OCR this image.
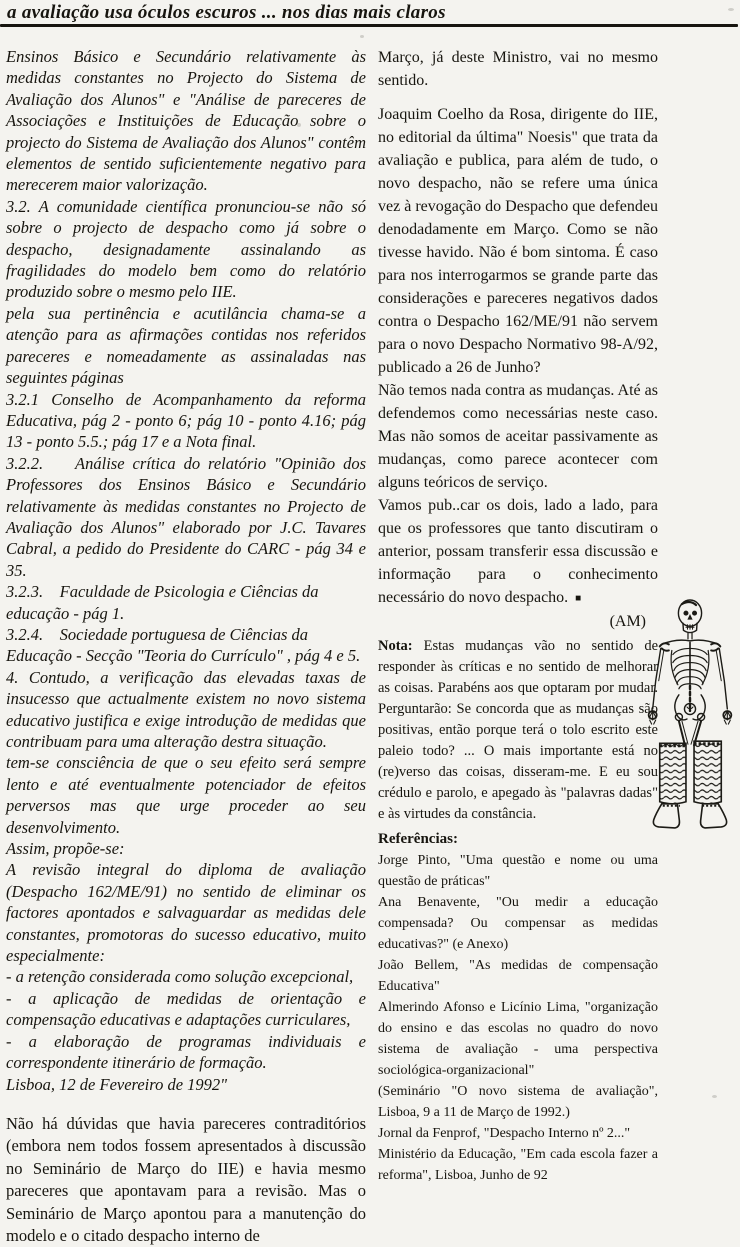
a avaliação usa óculos escuros ... nos dias mais claros

Ensinos Básico e Secundário relativamente às medidas constantes no Projecto do Sistema de Avaliação dos Alunos" e "Análise de pareceres de Associações e Instituições de Educação sobre o projecto do Sistema de Avaliação dos Alunos" contêm elementos de sentido suficientemente negativo para merecerem maior valorização.

3.2. A comunidade científica pronunciou-se não só sobre o projecto de despacho como já sobre o despacho, designadamente assinalando as fragilidades do modelo bem como do relatório produzido sobre o mesmo pelo IIE.

pela sua pertinência e acutilância chama-se a atenção para as afirmações contidas nos referidos pareceres e nomeadamente as assinaladas nas seguintes páginas

3.2.1 Conselho de Acompanhamento da reforma Educativa, pág 2 - ponto 6; pág 10 - ponto 4.16; pág 13 - ponto 5.5.; pág 17 e a Nota final.

3.2.2.    Análise crítica do relatório "Opinião dos Professores dos Ensinos Básico e Secundário relativamente às medidas constantes no Projecto de Avaliação dos Alunos" elaborado por J.C. Tavares Cabral, a pedido do Presidente do CARC - pág 34 e 35.

3.2.3.    Faculdade de Psicologia e Ciências da educação - pág 1.

3.2.4.    Sociedade portuguesa de Ciências da Educação - Secção "Teoria do Currículo" , pág 4 e 5.

4. Contudo, a verificação das elevadas taxas de insucesso que actualmente existem no novo sistema educativo justifica e exige introdução de medidas que contribuam para uma alteração destra situação.

tem-se consciência de que o seu efeito será sempre lento e até eventualmente potenciador de efeitos perversos mas que urge proceder ao seu desenvolvimento.

Assim, propõe-se:

A revisão integral do diploma de avaliação (Despacho 162/ME/91) no sentido de eliminar os factores apontados e salvaguardar as medidas dele constantes, promotoras do sucesso educativo, muito especialmente:

- a retenção considerada como solução excepcional,

- a aplicação de medidas de orientação e compensação educativas e adaptações curriculares,

- a elaboração de programas individuais e correspondente itinerário de formação.

Lisboa, 12 de Fevereiro de 1992"

Não há dúvidas que havia pareceres contraditórios (embora nem todos fossem apresentados à discussão no Seminário de Março do IIE) e havia mesmo pareceres que apontavam para a revisão. Mas o Seminário de Março apontou para a manutenção do modelo e o citado despacho interno de

Março, já deste Ministro, vai no mesmo sentido.

Joaquim Coelho da Rosa, dirigente do IIE, no editorial da última" Noesis" que trata da avaliação e publica, para além de tudo, o novo despacho, não se refere uma única vez à revogação do Despacho que defendeu denodadamente em Março. Como se não tivesse havido. Não é bom sintoma. É caso para nos interrogarmos se grande parte das considerações e pareceres negativos dados contra o Despacho 162/ME/91 não servem para o novo Despacho Normativo 98-A/92, publicado a 26 de Junho?

Não temos nada contra as mudanças. Até as defendemos como necessárias neste caso. Mas não somos de aceitar passivamente as mudanças, como parece acontecer com alguns teóricos de serviço.

Vamos pub..car os dois, lado a lado, para que os professores que tanto discutiram o anterior, possam transferir essa discussão e informação para o conhecimento necessário do novo despacho. ■

(AM)

Nota: Estas mudanças vão no sentido de responder às críticas e no sentido de melhorar as coisas. Parabéns aos que optaram por mudar. Perguntarão: Se concorda que as mudanças são positivas, então porque terá o tolo escrito este paleio todo? ... O mais importante está no (re)verso das coisas, disseram-me. E eu sou crédulo e parolo, e apegado às "palavras dadas" e às virtudes da constância.

Referências:

Jorge Pinto, "Uma questão e nome ou uma questão de práticas"

Ana Benavente, "Ou medir a educação compensada? Ou compensar as medidas educativas?" (e Anexo)

João Bellem, "As medidas de compensação Educativa"

Almerindo Afonso e Licínio Lima, "organização do ensino e das escolas no quadro do novo sistema de avaliação - uma perspectiva sociológica-organizacional"

(Seminário "O novo sistema de avaliação", Lisboa, 9 a 11 de Março de 1992.)

Jornal da Fenprof, "Despacho Interno nº 2..."

Ministério da Educação, "Em cada escola fazer a reforma", Lisboa, Junho de 92
